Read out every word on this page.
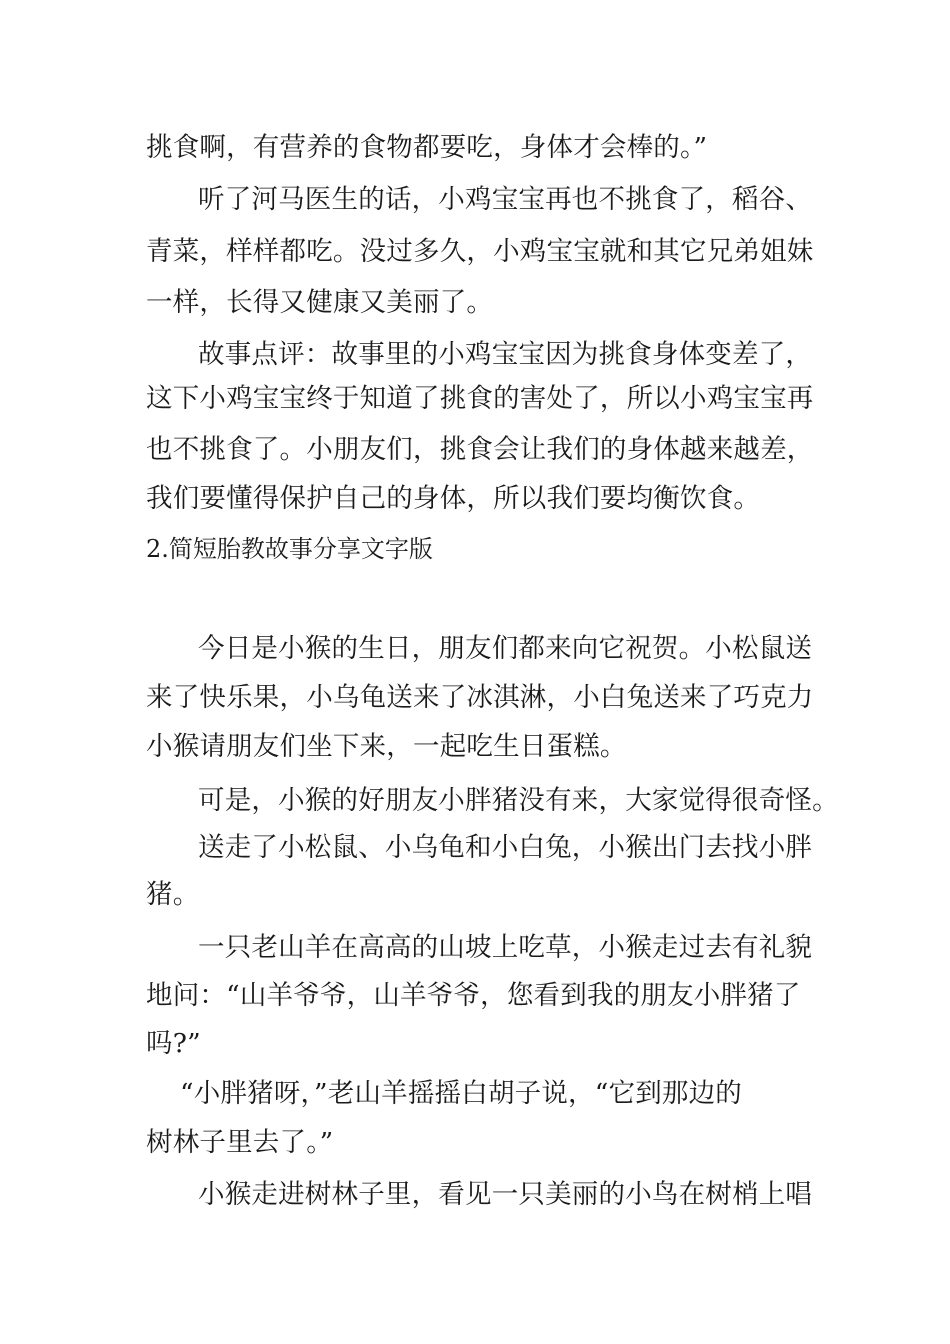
挑食啊，有营养的食物都要吃，身体才会棒的。”
听了河马医生的话，小鸡宝宝再也不挑食了，稻谷、
青菜，样样都吃。没过多久，小鸡宝宝就和其它兄弟姐妹
一样，长得又健康又美丽了。
故事点评：故事里的小鸡宝宝因为挑食身体变差了，
这下小鸡宝宝终于知道了挑食的害处了，所以小鸡宝宝再
也不挑食了。小朋友们，挑食会让我们的身体越来越差，
我们要懂得保护自己的身体，所以我们要均衡饮食。
2.简短胎教故事分享文字版
今日是小猴的生日，朋友们都来向它祝贺。小松鼠送
来了快乐果，小乌龟送来了冰淇淋，小白兔送来了巧克力
小猴请朋友们坐下来，一起吃生日蛋糕。
可是，小猴的好朋友小胖猪没有来，大家觉得很奇怪。
送走了小松鼠、小乌龟和小白兔，小猴出门去找小胖
猪。
一只老山羊在高高的山坡上吃草，小猴走过去有礼貌
地问：“山羊爷爷，山羊爷爷，您看到我的朋友小胖猪了
吗?”
“小胖猪呀，”老山羊摇摇白胡子说，“它到那边的
树林子里去了。”
小猴走进树林子里，看见一只美丽的小鸟在树梢上唱
